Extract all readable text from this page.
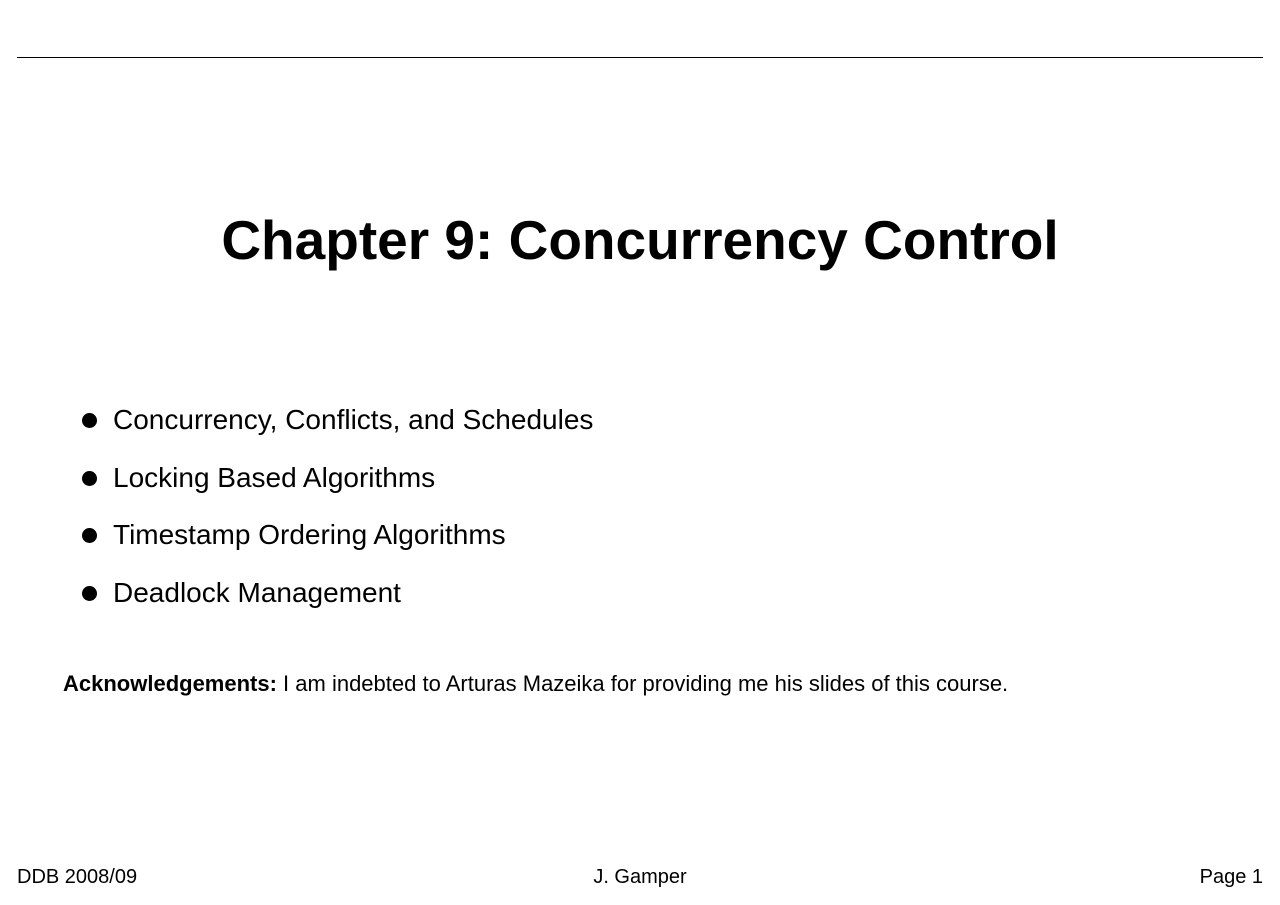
Chapter 9: Concurrency Control
Concurrency, Conflicts, and Schedules
Locking Based Algorithms
Timestamp Ordering Algorithms
Deadlock Management
Acknowledgements: I am indebted to Arturas Mazeika for providing me his slides of this course.
DDB 2008/09	J. Gamper	Page 1
